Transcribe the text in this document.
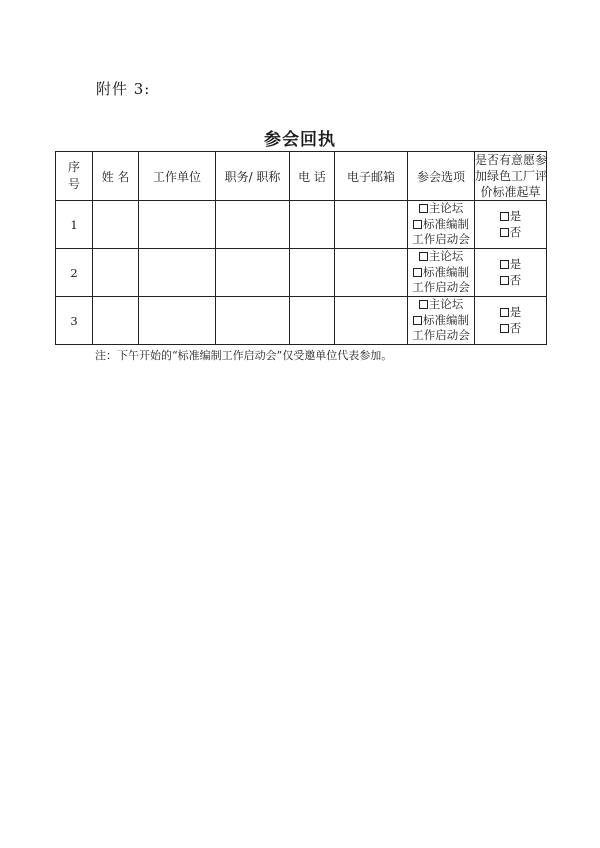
附件 3:
参会回执
序
号	姓 名	工作单位	职务/ 职称	电 话	电子邮箱	参会选项	是否有意愿参
加绿色工厂评
价标准起草

1						主论坛
标准编制
工作启动会	是
否

2						主论坛
标准编制
工作启动会	是
否

3						主论坛
标准编制
工作启动会	是
否
注：下午开始的“标准编制工作启动会”仅受邀单位代表参加。
